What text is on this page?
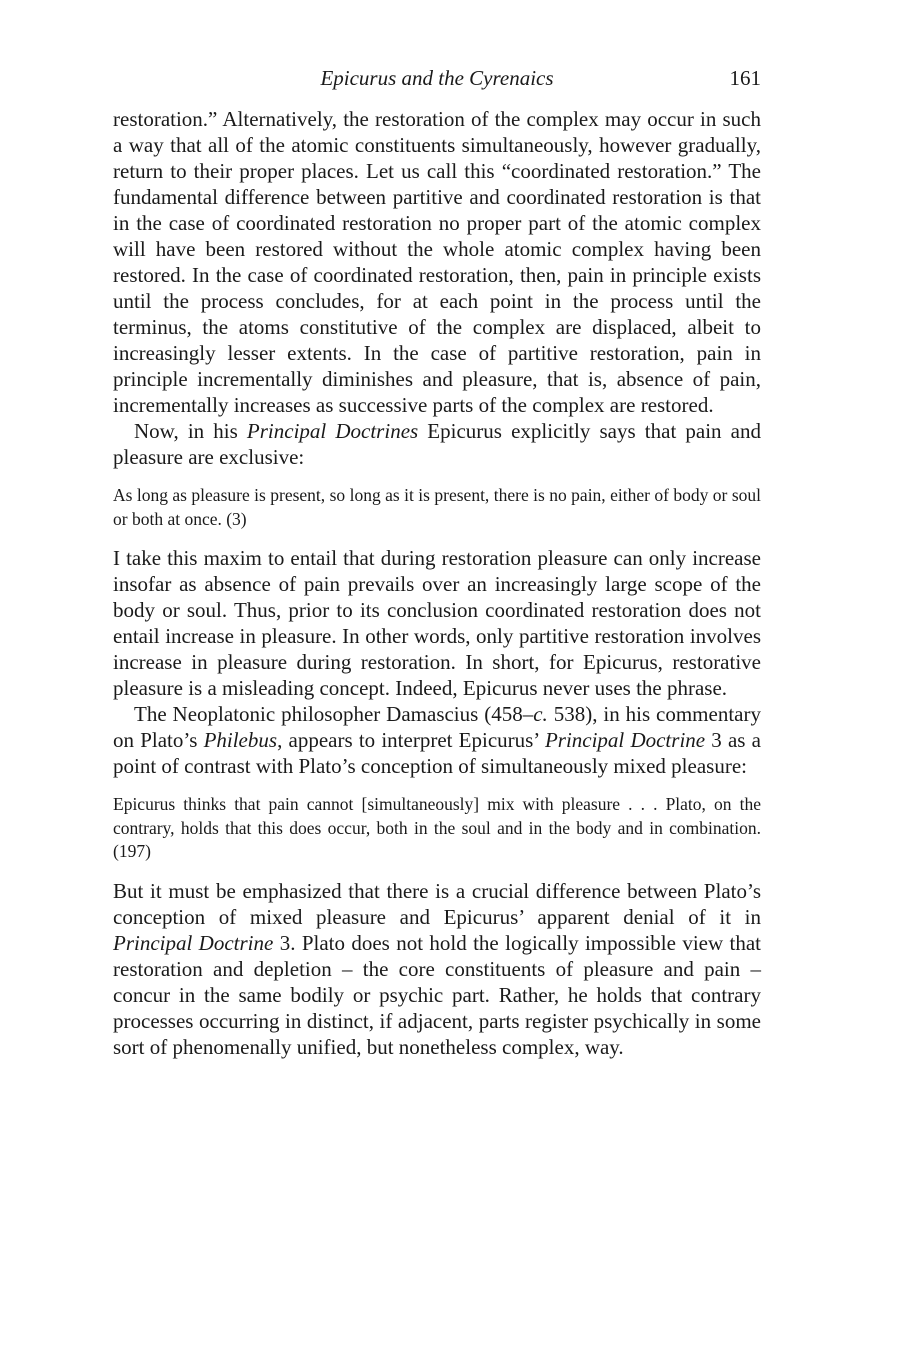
Epicurus and the Cyrenaics	161

restoration.” Alternatively, the restoration of the complex may occur in such a way that all of the atomic constituents simultaneously, however gradually, return to their proper places. Let us call this “coordinated restoration.” The fundamental difference between partitive and coordinated restoration is that in the case of coordinated restoration no proper part of the atomic complex will have been restored without the whole atomic complex having been restored. In the case of coordinated restoration, then, pain in principle exists until the process concludes, for at each point in the process until the terminus, the atoms constitutive of the complex are displaced, albeit to increasingly lesser extents. In the case of partitive restoration, pain in principle incrementally diminishes and pleasure, that is, absence of pain, incrementally increases as successive parts of the complex are restored.

Now, in his Principal Doctrines Epicurus explicitly says that pain and pleasure are exclusive:

As long as pleasure is present, so long as it is present, there is no pain, either of body or soul or both at once. (3)

I take this maxim to entail that during restoration pleasure can only increase insofar as absence of pain prevails over an increasingly large scope of the body or soul. Thus, prior to its conclusion coordinated restoration does not entail increase in pleasure. In other words, only partitive restoration involves increase in pleasure during restoration. In short, for Epicurus, restorative pleasure is a misleading concept. Indeed, Epicurus never uses the phrase.

The Neoplatonic philosopher Damascius (458–c. 538), in his commentary on Plato’s Philebus, appears to interpret Epicurus’ Principal Doctrine 3 as a point of contrast with Plato’s conception of simultaneously mixed pleasure:

Epicurus thinks that pain cannot [simultaneously] mix with pleasure . . . Plato, on the contrary, holds that this does occur, both in the soul and in the body and in combination. (197)

But it must be emphasized that there is a crucial difference between Plato’s conception of mixed pleasure and Epicurus’ apparent denial of it in Principal Doctrine 3. Plato does not hold the logically impossible view that restoration and depletion – the core constituents of pleasure and pain – concur in the same bodily or psychic part. Rather, he holds that contrary processes occurring in distinct, if adjacent, parts register psychically in some sort of phenomenally unified, but nonetheless complex, way.
